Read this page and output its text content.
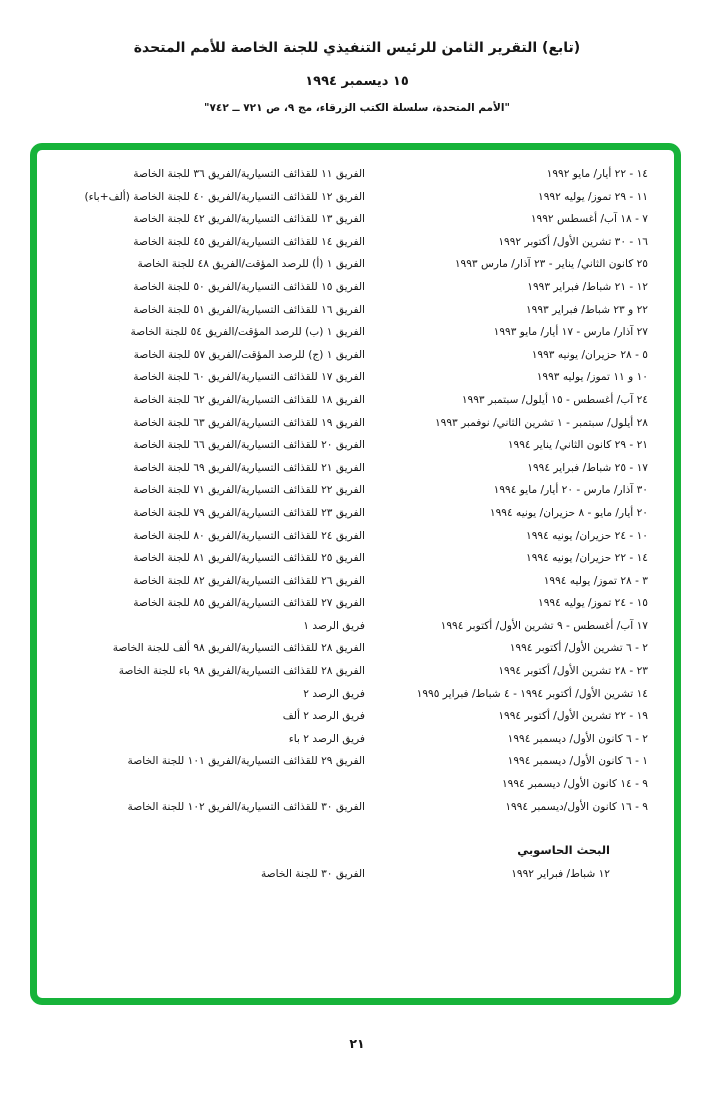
(تابع) التقرير الثامن للرئيس التنفيذي للجنة الخاصة للأمم المتحدة
١٥ ديسمبر ١٩٩٤
"الأمم المتحدة، سلسلة الكتب الزرقاء، مج ٩، ص ٧٢١ ــ ٧٤٢"
١٤ - ٢٢ أيار/ مايو ١٩٩٢
الفريق ١١ للقذائف التسيارية/الفريق ٣٦ للجنة الخاصة
١١ - ٢٩ تموز/ يوليه ١٩٩٢
الفريق ١٢ للقذائف التسيارية/الفريق ٤٠ للجنة الخاصة (ألف+باء)
٧ - ١٨ آب/ أغسطس ١٩٩٢
الفريق ١٣ للقذائف التسيارية/الفريق ٤٢ للجنة الخاصة
١٦ - ٣٠ تشرين الأول/ أكتوبر ١٩٩٢
الفريق ١٤ للقذائف التسيارية/الفريق ٤٥ للجنة الخاصة
٢٥ كانون الثاني/ يناير - ٢٣ آذار/ مارس ١٩٩٣
الفريق ١ (أ) للرصد المؤقت/الفريق ٤٨ للجنة الخاصة
١٢ - ٢١ شباط/ فبراير ١٩٩٣
الفريق ١٥ للقذائف التسيارية/الفريق ٥٠ للجنة الخاصة
٢٢ و ٢٣ شباط/ فبراير ١٩٩٣
الفريق ١٦ للقذائف التسيارية/الفريق ٥١ للجنة الخاصة
٢٧ آذار/ مارس - ١٧ أيار/ مايو ١٩٩٣
الفريق ١ (ب) للرصد المؤقت/الفريق ٥٤ للجنة الخاصة
٥ - ٢٨ حزيران/ يونيه ١٩٩٣
الفريق ١ (ج) للرصد المؤقت/الفريق ٥٧ للجنة الخاصة
١٠ و ١١ تموز/ يوليه ١٩٩٣
الفريق ١٧ للقذائف التسيارية/الفريق ٦٠ للجنة الخاصة
٢٤ آب/ أغسطس - ١٥ أيلول/ سبتمبر ١٩٩٣
الفريق ١٨ للقذائف التسيارية/الفريق ٦٢ للجنة الخاصة
٢٨ أيلول/ سبتمبر - ١ تشرين الثاني/ نوفمبر ١٩٩٣
الفريق ١٩ للقذائف التسيارية/الفريق ٦٣ للجنة الخاصة
٢١ - ٢٩ كانون الثاني/ يناير ١٩٩٤
الفريق ٢٠ للقذائف التسيارية/الفريق ٦٦ للجنة الخاصة
١٧ - ٢٥ شباط/ فبراير ١٩٩٤
الفريق ٢١ للقذائف التسيارية/الفريق ٦٩ للجنة الخاصة
٣٠ آذار/ مارس - ٢٠ أيار/ مايو ١٩٩٤
الفريق ٢٢ للقذائف التسيارية/الفريق ٧١ للجنة الخاصة
٢٠ أيار/ مايو - ٨ حزيران/ يونيه ١٩٩٤
الفريق ٢٣ للقذائف التسيارية/الفريق ٧٩ للجنة الخاصة
١٠ - ٢٤ حزيران/ يونيه ١٩٩٤
الفريق ٢٤ للقذائف التسيارية/الفريق ٨٠ للجنة الخاصة
١٤ - ٢٢ حزيران/ يونيه ١٩٩٤
الفريق ٢٥ للقذائف التسيارية/الفريق ٨١ للجنة الخاصة
٣ - ٢٨ تموز/ يوليه ١٩٩٤
الفريق ٢٦ للقذائف التسيارية/الفريق ٨٢ للجنة الخاصة
١٥ - ٢٤ تموز/ يوليه ١٩٩٤
الفريق ٢٧ للقذائف التسيارية/الفريق ٨٥ للجنة الخاصة
١٧ آب/ أغسطس - ٩ تشرين الأول/ أكتوبر ١٩٩٤
فريق الرصد ١
٢ - ٦ تشرين الأول/ أكتوبر ١٩٩٤
الفريق ٢٨ للقذائف التسيارية/الفريق ٩٨ ألف للجنة الخاصة
٢٣ - ٢٨ تشرين الأول/ أكتوبر ١٩٩٤
الفريق ٢٨ للقذائف التسيارية/الفريق ٩٨ باء للجنة الخاصة
١٤ تشرين الأول/ أكتوبر ١٩٩٤ - ٤ شباط/ فبراير ١٩٩٥
فريق الرصد ٢
١٩ - ٢٢ تشرين الأول/ أكتوبر ١٩٩٤
فريق الرصد ٢ ألف
٢ - ٦ كانون الأول/ ديسمبر ١٩٩٤
فريق الرصد ٢ باء
١ - ٦ كانون الأول/ ديسمبر ١٩٩٤
الفريق ٢٩ للقذائف التسيارية/الفريق ١٠١ للجنة الخاصة
٩ - ١٤ كانون الأول/ ديسمبر ١٩٩٤
٩ - ١٦ كانون الأول/ديسمبر ١٩٩٤
الفريق ٣٠ للقذائف التسيارية/الفريق ١٠٢ للجنة الخاصة
البحث الحاسوبي
١٢ شباط/ فبراير ١٩٩٢
الفريق ٣٠ للجنة الخاصة
٢١
